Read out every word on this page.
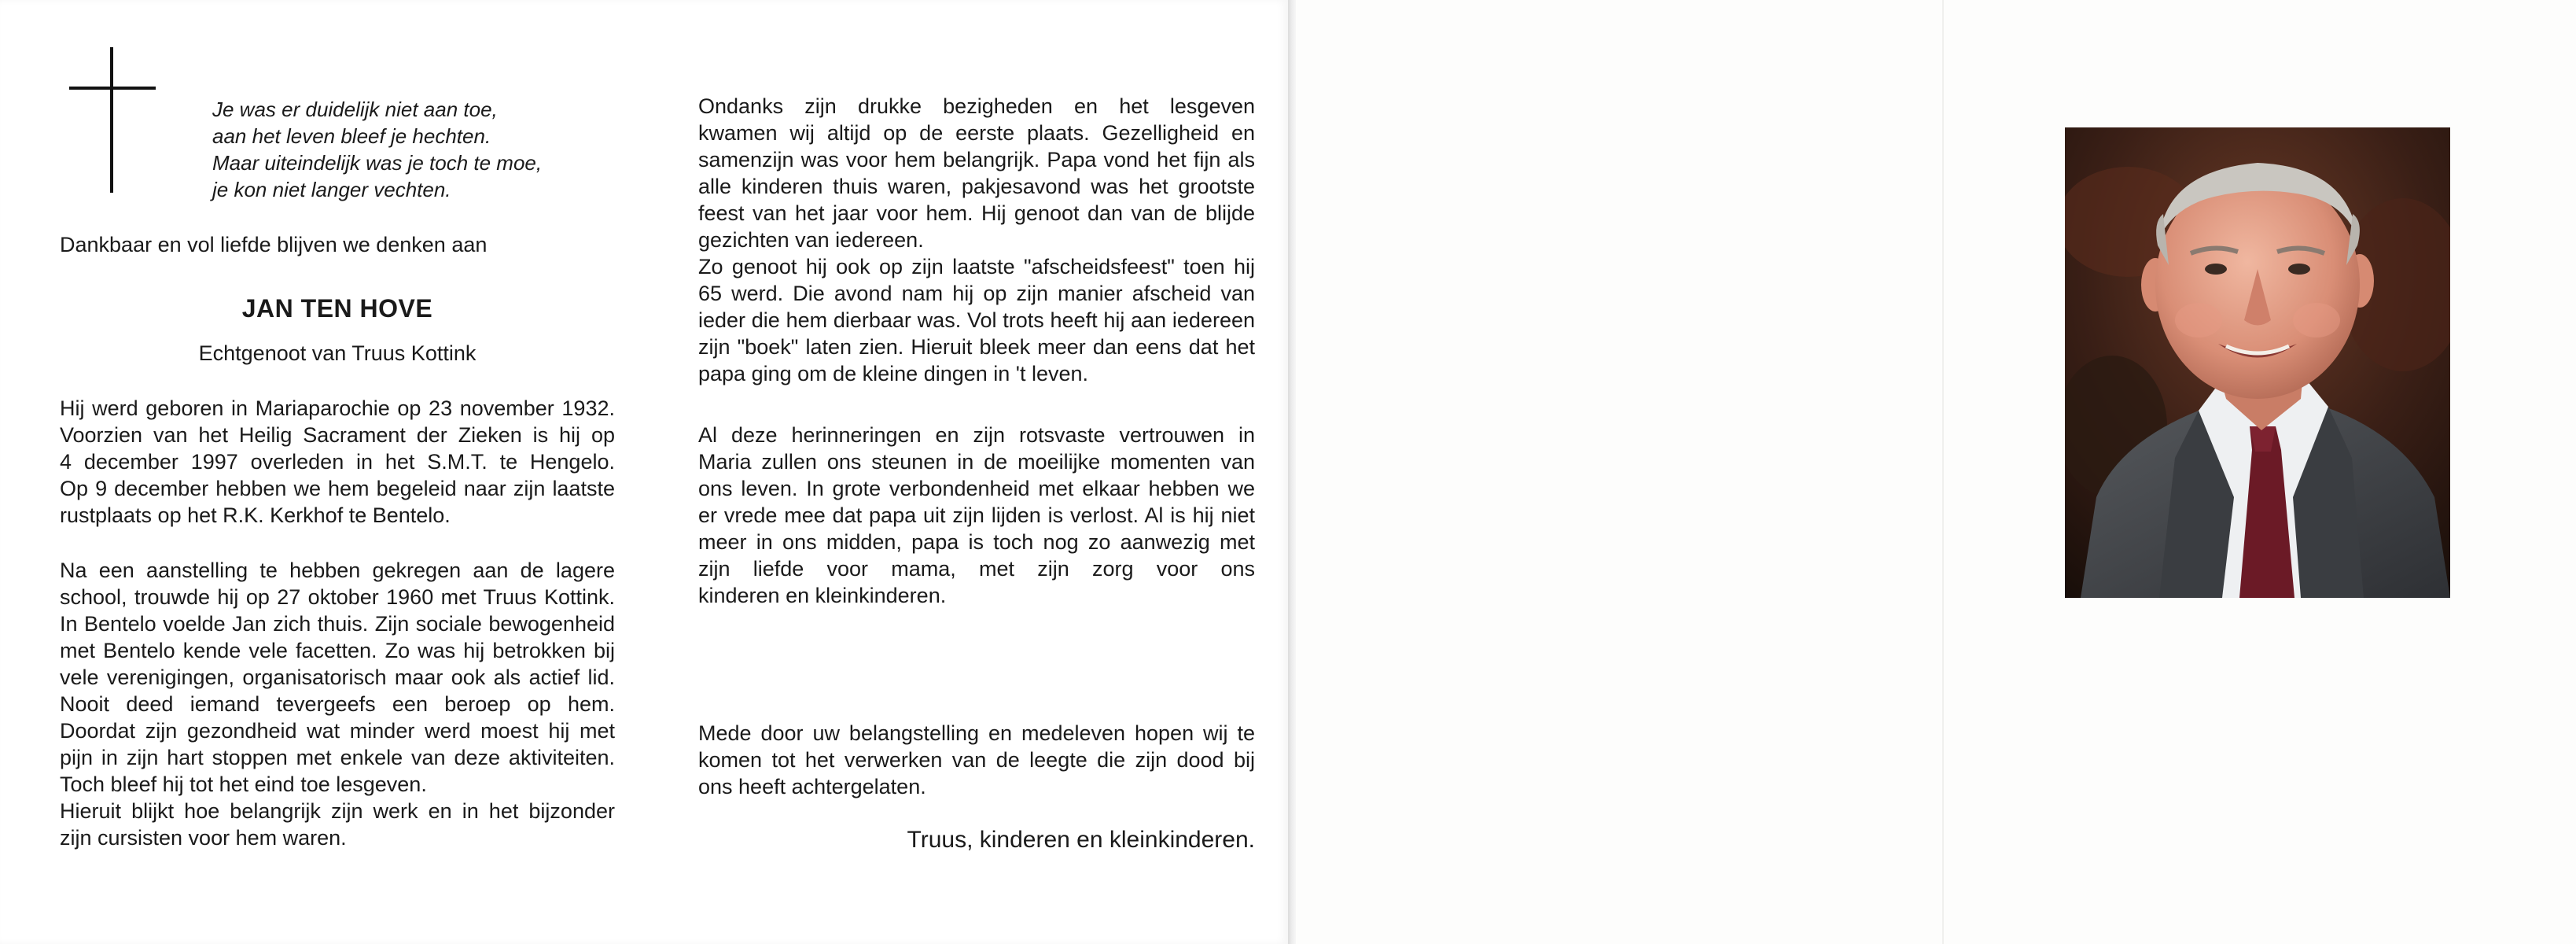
Je was er duidelijk niet aan toe,
aan het leven bleef je hechten.
Maar uiteindelijk was je toch te moe,
je kon niet langer vechten.
Dankbaar en vol liefde blijven we denken aan
JAN TEN HOVE
Echtgenoot van Truus Kottink

Hij werd geboren in Mariaparochie op 23 november 1932.

Voorzien van het Heilig Sacrament der Zieken is hij op

4 december 1997 overleden in het S.M.T. te Hengelo.

Op 9 december hebben we hem begeleid naar zijn laatste

rustplaats op het R.K. Kerkhof te Bentelo.

Na een aanstelling te hebben gekregen aan de lagere

school, trouwde hij op 27 oktober 1960 met Truus Kottink.

In Bentelo voelde Jan zich thuis. Zijn sociale bewogenheid

met Bentelo kende vele facetten. Zo was hij betrokken bij

vele verenigingen, organisatorisch maar ook als actief lid.

Nooit deed iemand tevergeefs een beroep op hem.

Doordat zijn gezondheid wat minder werd moest hij met

pijn in zijn hart stoppen met enkele van deze aktiviteiten.

Toch bleef hij tot het eind toe lesgeven.

Hieruit blijkt hoe belangrijk zijn werk en in het bijzonder

zijn cursisten voor hem waren.

Ondanks zijn drukke bezigheden en het lesgeven

kwamen wij altijd op de eerste plaats. Gezelligheid en

samenzijn was voor hem belangrijk. Papa vond het fijn als

alle kinderen thuis waren, pakjesavond was het grootste

feest van het jaar voor hem. Hij genoot dan van de blijde

gezichten van iedereen.

Zo genoot hij ook op zijn laatste "afscheidsfeest" toen hij

65 werd. Die avond nam hij op zijn manier afscheid van

ieder die hem dierbaar was. Vol trots heeft hij aan iedereen

zijn "boek" laten zien. Hieruit bleek meer dan eens dat het

papa ging om de kleine dingen in 't leven.

Al deze herinneringen en zijn rotsvaste vertrouwen in

Maria zullen ons steunen in de moeilijke momenten van

ons leven. In grote verbondenheid met elkaar hebben we

er vrede mee dat papa uit zijn lijden is verlost. Al is hij niet

meer in ons midden, papa is toch nog zo aanwezig met

zijn liefde voor mama, met zijn zorg voor ons

kinderen en kleinkinderen.

Mede door uw belangstelling en medeleven hopen wij te

komen tot het verwerken van de leegte die zijn dood bij

ons heeft achtergelaten.

Truus, kinderen en kleinkinderen.
